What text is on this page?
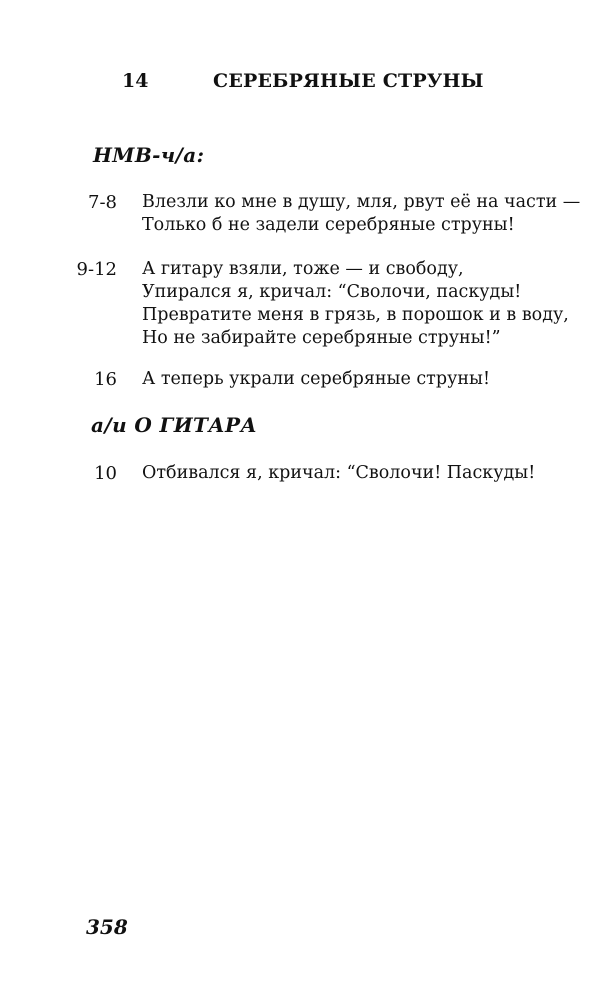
14	СЕРЕБРЯНЫЕ СТРУНЫ
НМВ-ч/а:
7-8 Влезли ко мне в душу, мля, рвут её на части —
Только б не задели серебряные струны!
9-12 А гитару взяли, тоже — и свободу,
Упирался я, кричал: “Сволочи, паскуды!
Превратите меня в грязь, в порошок и в воду,
Но не забирайте серебряные струны!”
16 А теперь украли серебряные струны!
а/и О ГИТАРА
10 Отбивался я, кричал: “Сволочи! Паскуды!
358
